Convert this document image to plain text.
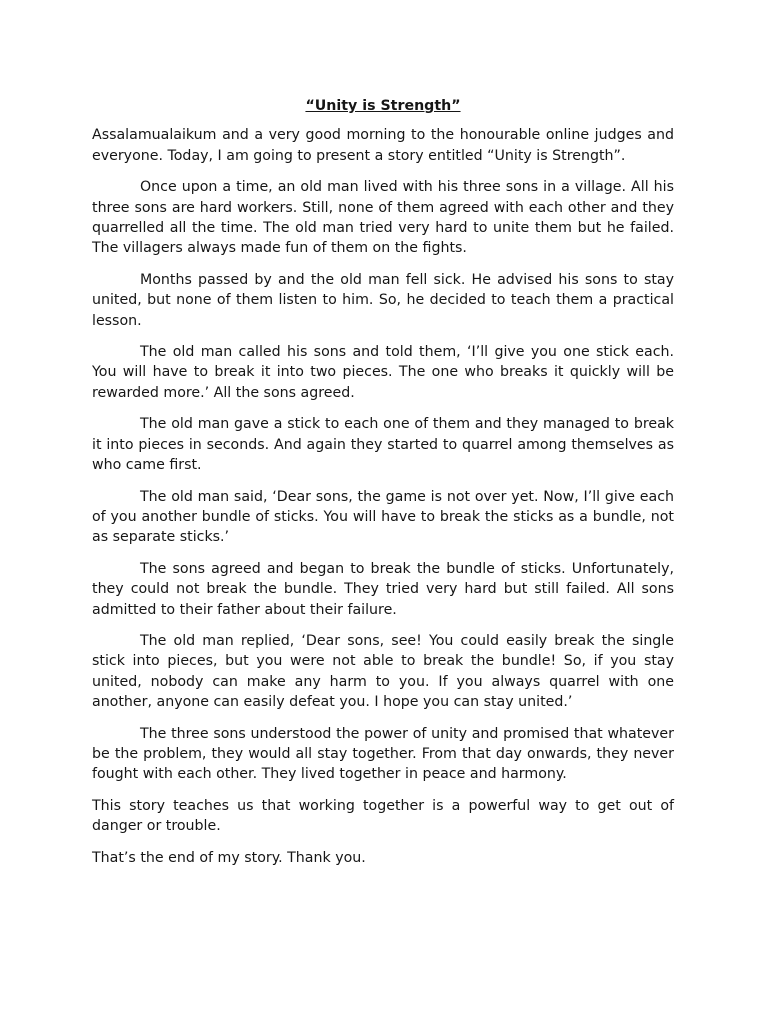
“Unity is Strength”

Assalamualaikum and a very good morning to the honourable online judges and everyone. Today, I am going to present a story entitled “Unity is Strength”.

Once upon a time, an old man lived with his three sons in a village. All his three sons are hard workers. Still, none of them agreed with each other and they quarrelled all the time. The old man tried very hard to unite them but he failed. The villagers always made fun of them on the fights.

Months passed by and the old man fell sick. He advised his sons to stay united, but none of them listen to him. So, he decided to teach them a practical lesson.

The old man called his sons and told them, ‘I’ll give you one stick each. You will have to break it into two pieces. The one who breaks it quickly will be rewarded more.’ All the sons agreed.

The old man gave a stick to each one of them and they managed to break it into pieces in seconds. And again they started to quarrel among themselves as who came first.

The old man said, ‘Dear sons, the game is not over yet. Now, I’ll give each of you another bundle of sticks. You will have to break the sticks as a bundle, not as separate sticks.’

The sons agreed and began to break the bundle of sticks. Unfortunately, they could not break the bundle. They tried very hard but still failed. All sons admitted to their father about their failure.

The old man replied, ‘Dear sons, see! You could easily break the single stick into pieces, but you were not able to break the bundle! So, if you stay united, nobody can make any harm to you. If you always quarrel with one another, anyone can easily defeat you. I hope you can stay united.’

The three sons understood the power of unity and promised that whatever be the problem, they would all stay together. From that day onwards, they never fought with each other. They lived together in peace and harmony.

This story teaches us that working together is a powerful way to get out of danger or trouble.

That’s the end of my story. Thank you.
